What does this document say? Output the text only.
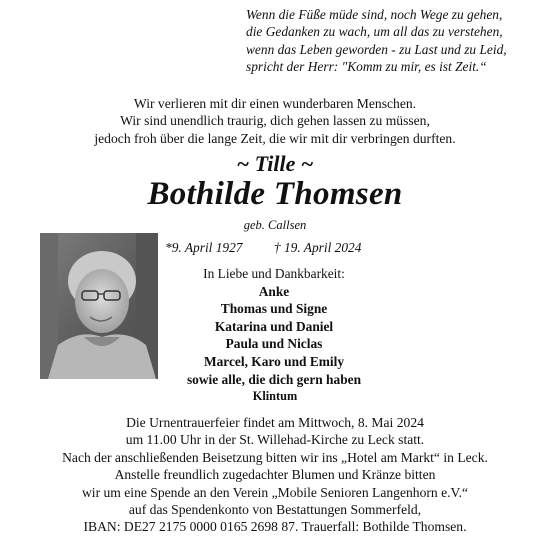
Wenn die Füße müde sind, noch Wege zu gehen,
die Gedanken zu wach, um all das zu verstehen,
wenn das Leben geworden - zu Last und zu Leid,
spricht der Herr: "Komm zu mir, es ist Zeit.“
Wir verlieren mit dir einen wunderbaren Menschen.
Wir sind unendlich traurig, dich gehen lassen zu müssen,
jedoch froh über die lange Zeit, die wir mit dir verbringen durften.
~ Tille ~
Bothilde Thomsen
geb. Callsen
*9. April 1927 † 19. April 2024
In Liebe und Dankbarkeit:
Anke
Thomas und Signe
Katarina und Daniel
Paula und Niclas
Marcel, Karo und Emily
sowie alle, die dich gern haben
Klintum
Die Urnentrauerfeier findet am Mittwoch, 8. Mai 2024
um 11.00 Uhr in der St. Willehad-Kirche zu Leck statt.
Nach der anschließenden Beisetzung bitten wir ins „Hotel am Markt“ in Leck.
Anstelle freundlich zugedachter Blumen und Kränze bitten
wir um eine Spende an den Verein „Mobile Senioren Langenhorn e.V.“
auf das Spendenkonto von Bestattungen Sommerfeld,
IBAN: DE27 2175 0000 0165 2698 87. Trauerfall: Bothilde Thomsen.
